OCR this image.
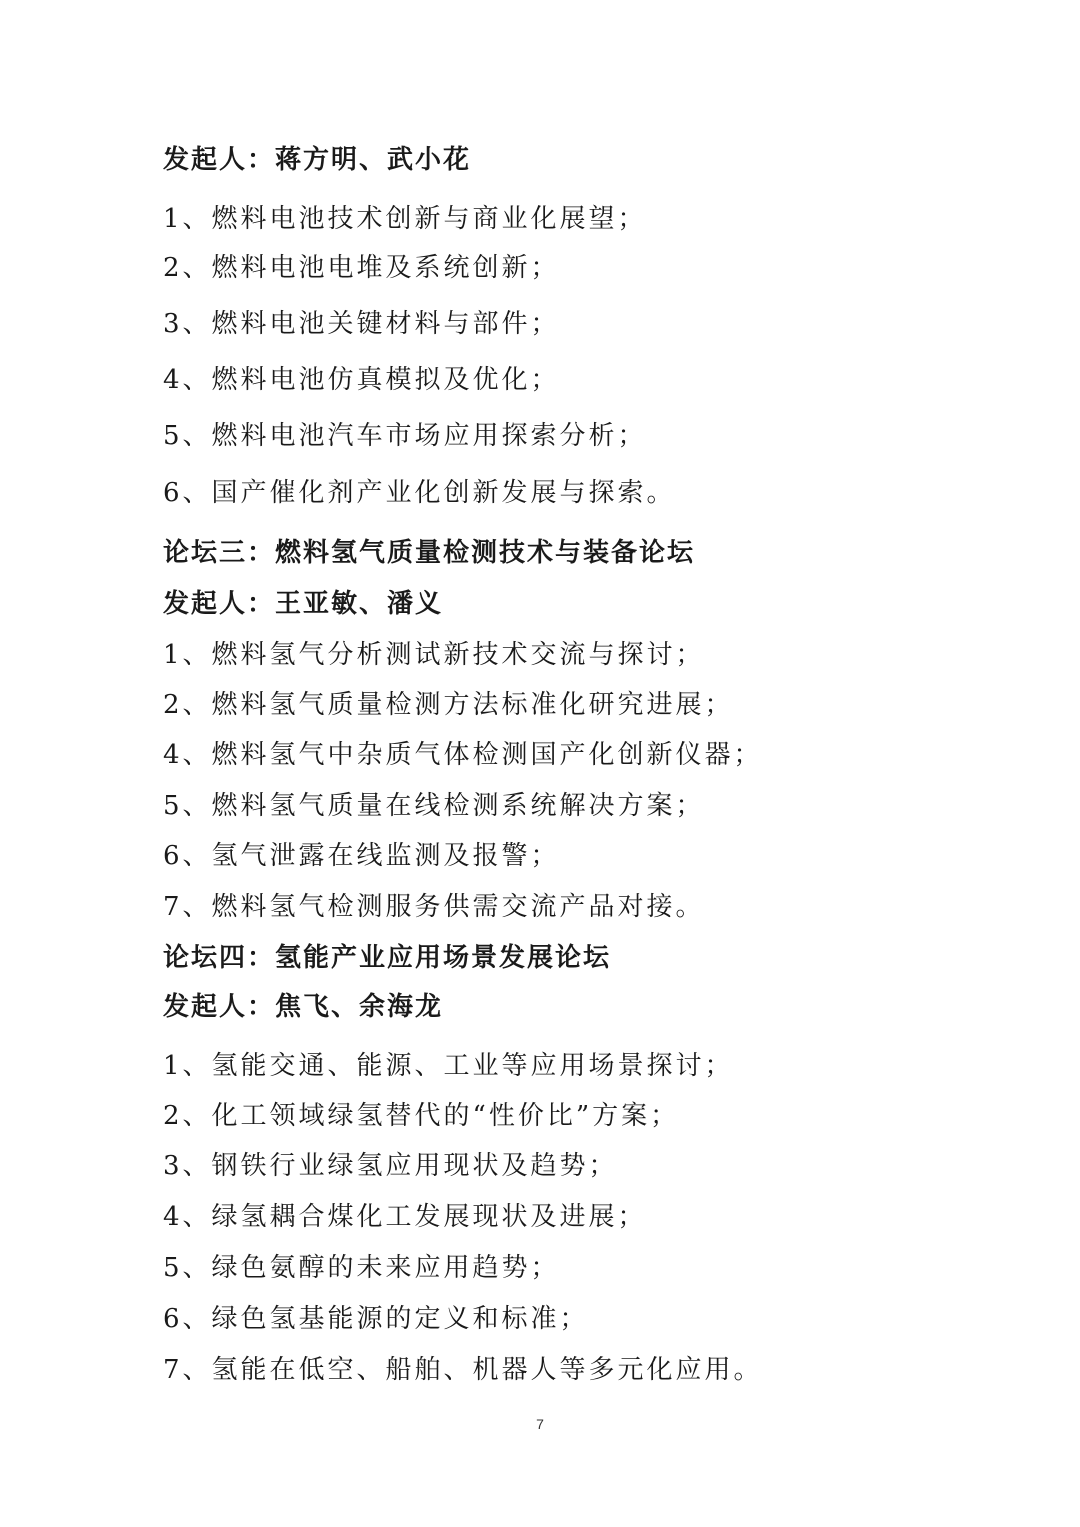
发起人：蒋方明、武小花
1、燃料电池技术创新与商业化展望；
2、燃料电池电堆及系统创新；
3、燃料电池关键材料与部件；
4、燃料电池仿真模拟及优化；
5、燃料电池汽车市场应用探索分析；
6、国产催化剂产业化创新发展与探索。
论坛三：燃料氢气质量检测技术与装备论坛
发起人：王亚敏、潘义
1、燃料氢气分析测试新技术交流与探讨；
2、燃料氢气质量检测方法标准化研究进展；
4、燃料氢气中杂质气体检测国产化创新仪器；
5、燃料氢气质量在线检测系统解决方案；
6、氢气泄露在线监测及报警；
7、燃料氢气检测服务供需交流产品对接。
论坛四：氢能产业应用场景发展论坛
发起人：焦飞、余海龙
1、氢能交通、能源、工业等应用场景探讨；
2、化工领域绿氢替代的“性价比”方案；
3、钢铁行业绿氢应用现状及趋势；
4、绿氢耦合煤化工发展现状及进展；
5、绿色氨醇的未来应用趋势；
6、绿色氢基能源的定义和标准；
7、氢能在低空、船舶、机器人等多元化应用。
7
